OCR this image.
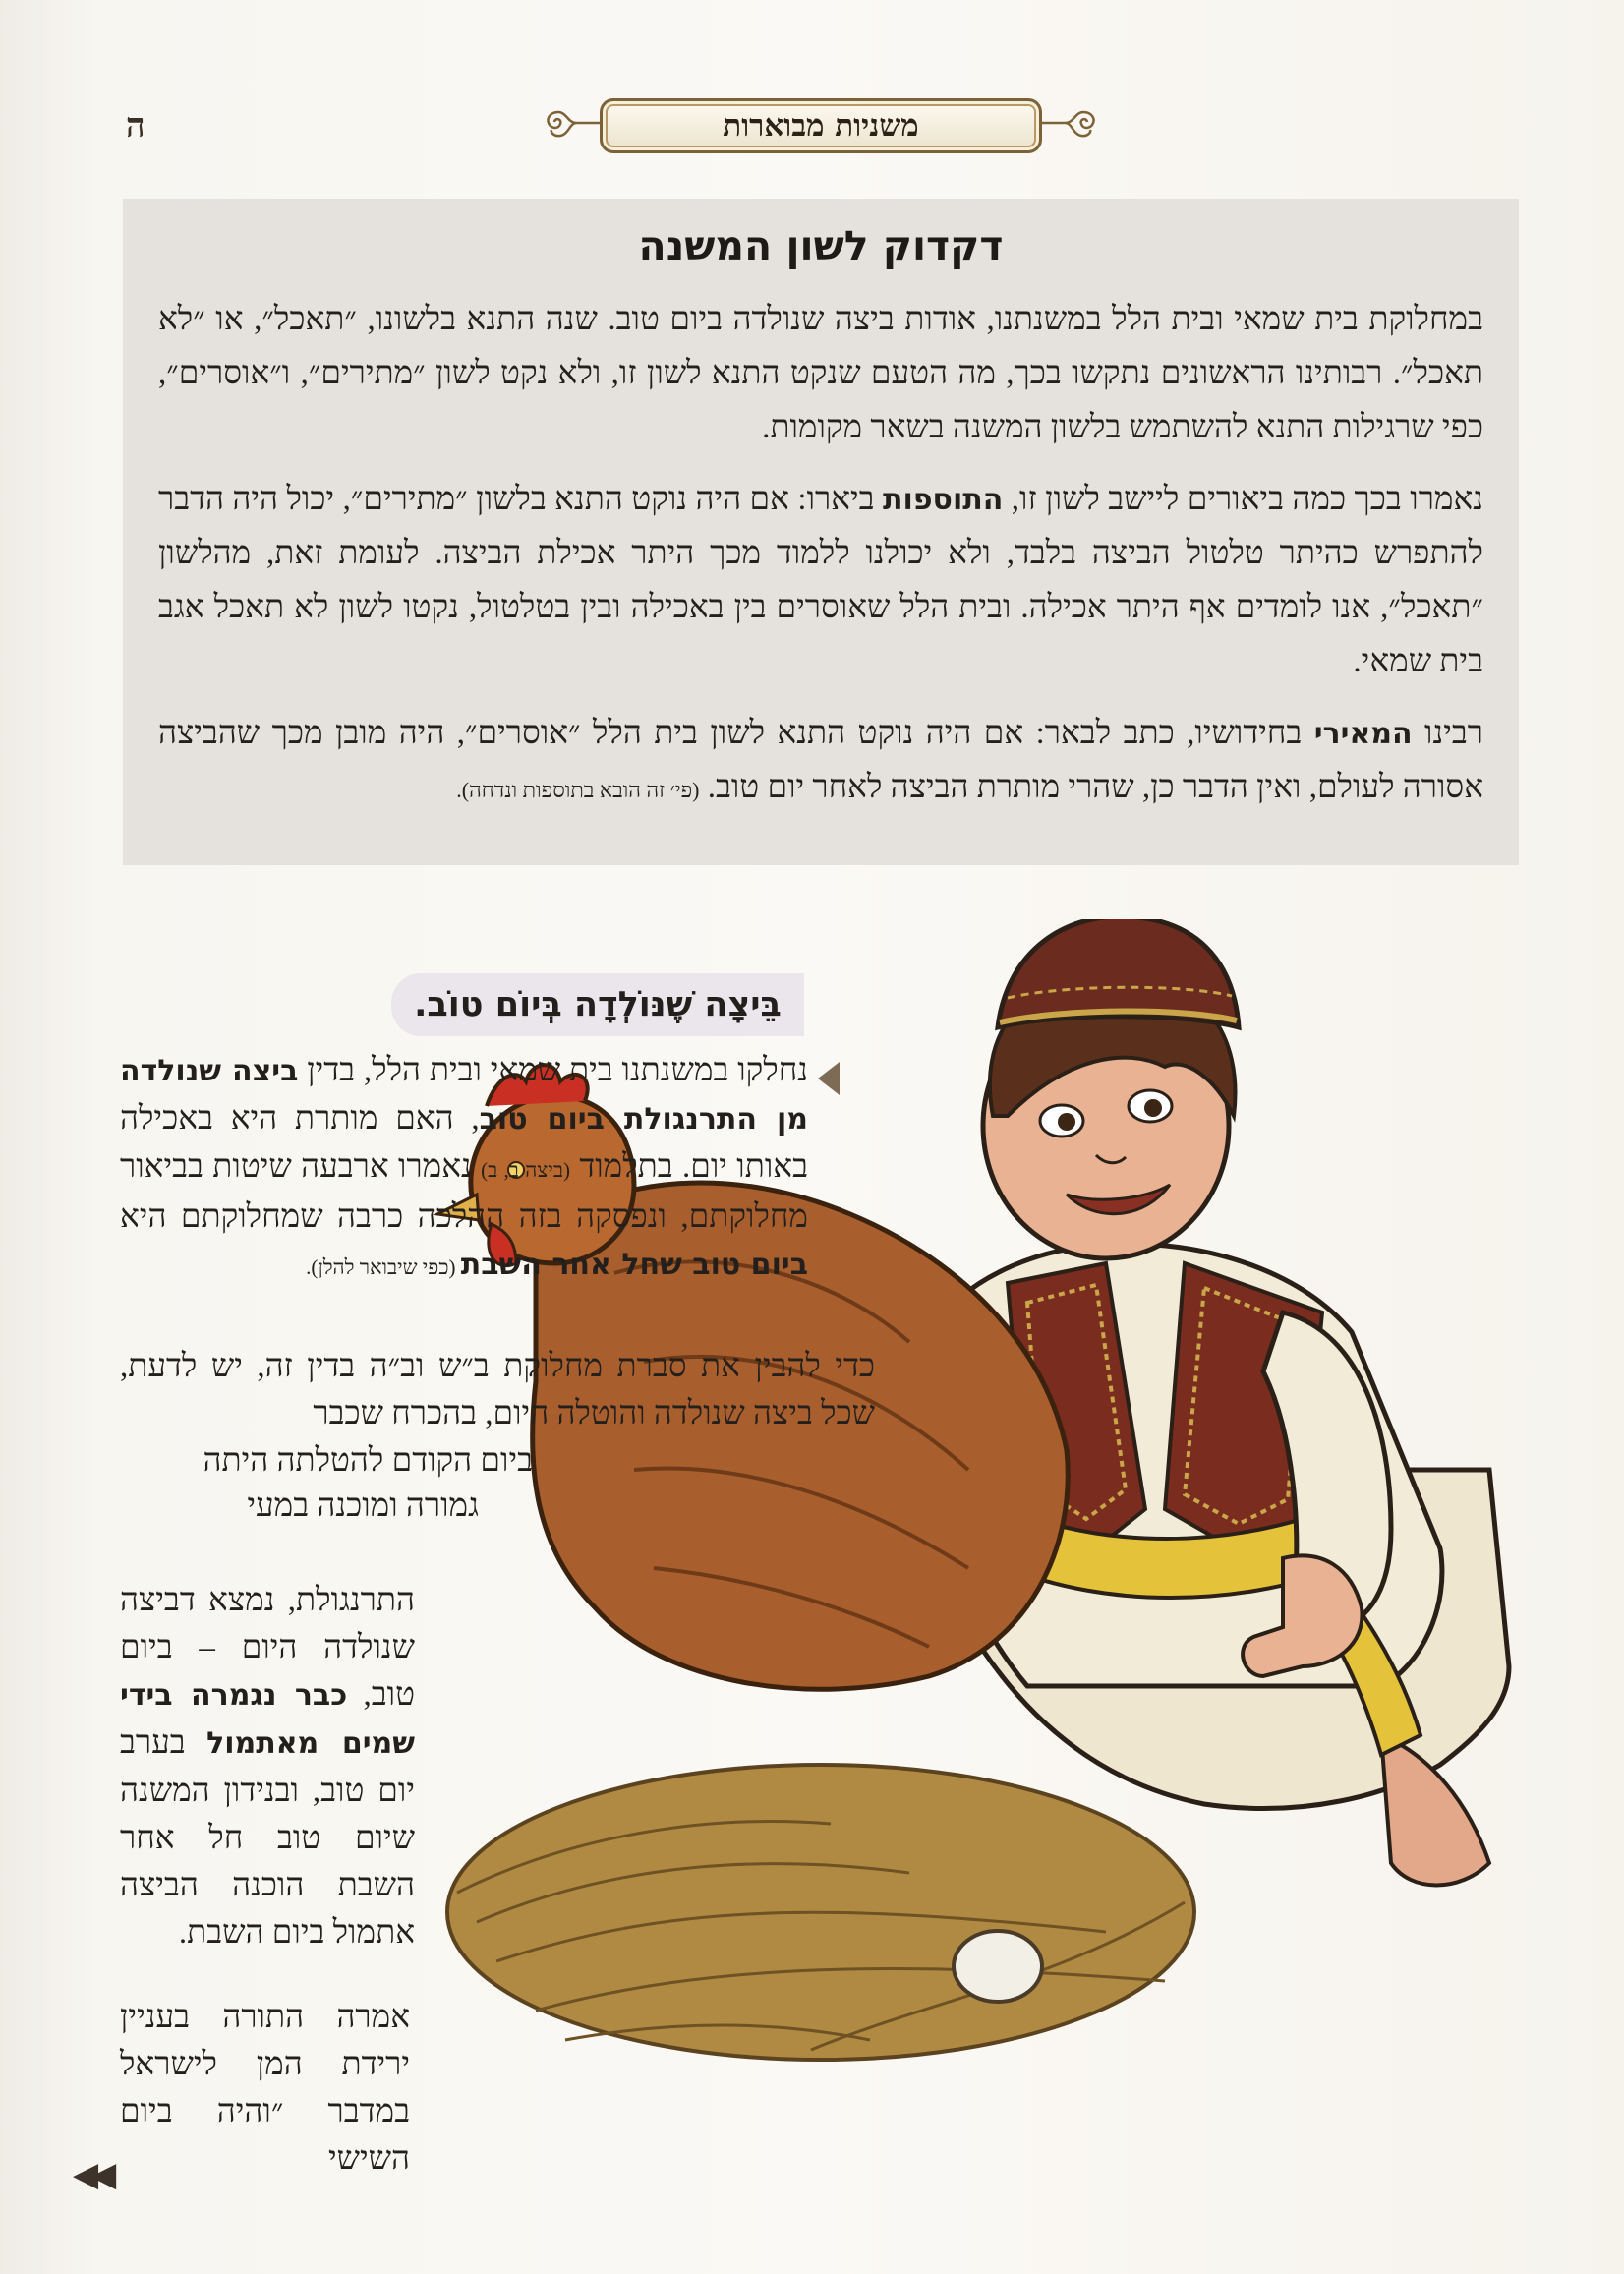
משניות מבוארות
ה
דקדוק לשון המשנה

במחלוקת בית שמאי ובית הלל במשנתנו, אודות ביצה שנולדה ביום טוב. שנה התנא בלשונו, ״תאכל״, או ״לא תאכל״. רבותינו הראשונים נתקשו בכך, מה הטעם שנקט התנא לשון זו, ולא נקט לשון ״מתירים״, ו״אוסרים״, כפי שרגילות התנא להשתמש בלשון המשנה בשאר מקומות.

נאמרו בכך כמה ביאורים ליישב לשון זו, התוספות ביארו: אם היה נוקט התנא בלשון ״מתירים״, יכול היה הדבר להתפרש כהיתר טלטול הביצה בלבד, ולא יכולנו ללמוד מכך היתר אכילת הביצה. לעומת זאת, מהלשון ״תאכל״, אנו לומדים אף היתר אכילה. ובית הלל שאוסרים בין באכילה ובין בטלטול, נקטו לשון לא תאכל אגב בית שמאי.

רבינו המאירי בחידושיו, כתב לבאר: אם היה נוקט התנא לשון בית הלל ״אוסרים״, היה מובן מכך שהביצה אסורה לעולם, ואין הדבר כן, שהרי מותרת הביצה לאחר יום טוב. (פי׳ זה הובא בתוספות ונדחה).

בֵּיצָה שֶׁנּוֹלְדָה בְּיוֹם טוֹב.
נחלקו במשנתנו בית שמאי ובית הלל, בדין ביצה שנולדה מן התרנגולת ביום טוב, האם מותרת היא באכילה באותו יום. בתלמוד (ביצה ב, ב) נאמרו ארבעה שיטות בביאור מחלוקתם, ונפסקה בזה ההלכה כרבה שמחלוקתם היא ביום טוב שחל אחר השבת (כפי שיבואר להלן).
כדי להבין את סברת מחלוקת ב״ש וב״ה בדין זה, יש לדעת, שכל ביצה שנולדה והוטלה היום, בהכרח שכבר
ביום הקודם להטלתה היתה
גמורה ומוכנה במעי
התרנגולת, נמצא דביצה שנולדה היום – ביום טוב, כבר נגמרה בידי שמים מאתמול בערב יום טוב, ובנידון המשנה שיום טוב חל אחר השבת הוכנה הביצה אתמול ביום השבת.
אמרה התורה בעניין ירידת המן לישראל במדבר ״והיה ביום השישי
◀◀
